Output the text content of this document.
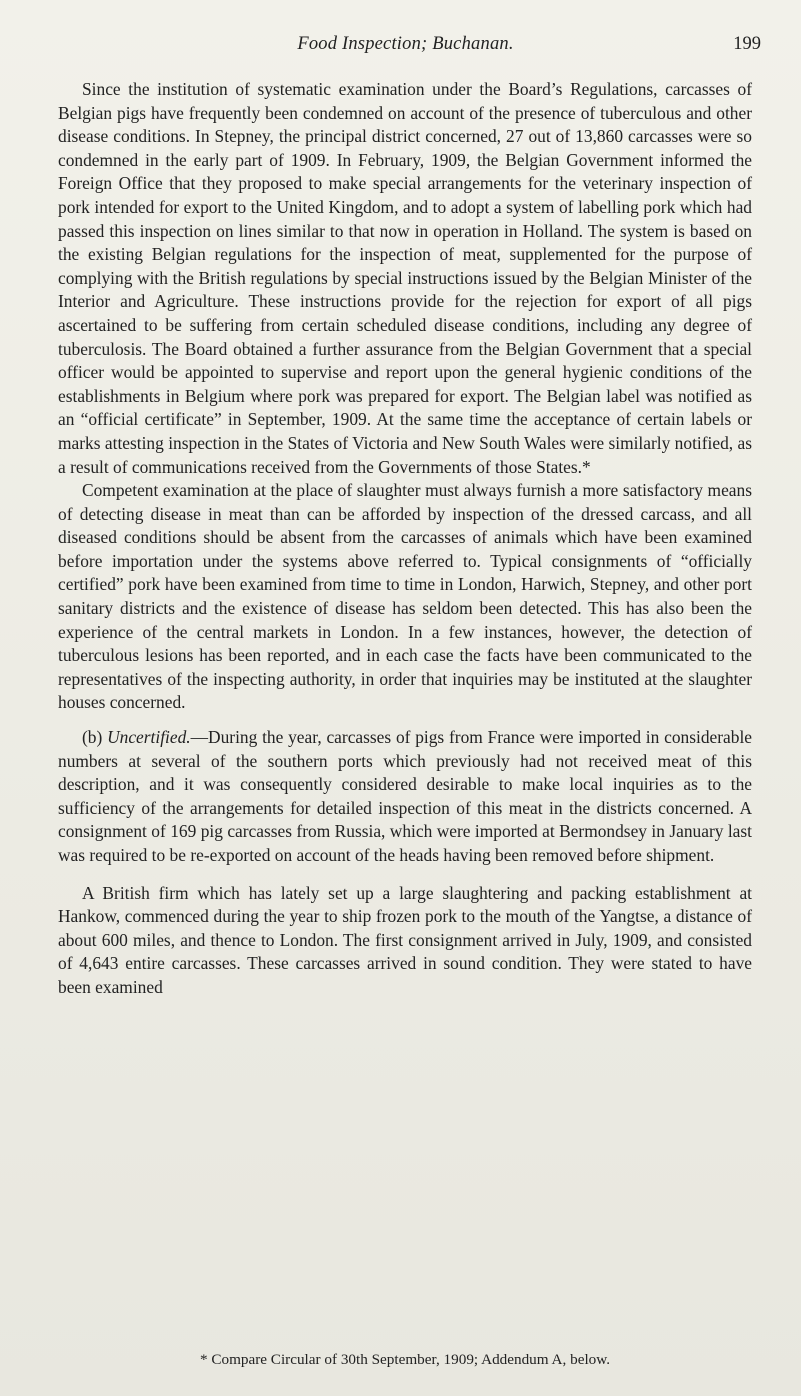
Food Inspection; Buchanan.	199

Since the institution of systematic examination under the Board’s Regulations, carcasses of Belgian pigs have frequently been condemned on account of the presence of tuberculous and other disease conditions. In Stepney, the principal district concerned, 27 out of 13,860 carcasses were so condemned in the early part of 1909. In February, 1909, the Belgian Government informed the Foreign Office that they proposed to make special arrangements for the veterinary inspection of pork intended for export to the United Kingdom, and to adopt a system of labelling pork which had passed this inspection on lines similar to that now in operation in Holland. The system is based on the existing Belgian regulations for the inspection of meat, supplemented for the purpose of complying with the British regulations by special instructions issued by the Belgian Minister of the Interior and Agriculture. These instructions provide for the rejection for export of all pigs ascertained to be suffering from certain scheduled disease conditions, including any degree of tuberculosis. The Board obtained a further assurance from the Belgian Government that a special officer would be appointed to supervise and report upon the general hygienic conditions of the establishments in Belgium where pork was prepared for export. The Belgian label was notified as an “official certificate” in September, 1909. At the same time the acceptance of certain labels or marks attesting inspection in the States of Victoria and New South Wales were similarly notified, as a result of communications received from the Governments of those States.*

Competent examination at the place of slaughter must always furnish a more satisfactory means of detecting disease in meat than can be afforded by inspection of the dressed carcass, and all diseased conditions should be absent from the carcasses of animals which have been examined before importation under the systems above referred to. Typical consignments of “officially certified” pork have been examined from time to time in London, Harwich, Stepney, and other port sanitary districts and the existence of disease has seldom been detected. This has also been the experience of the central markets in London. In a few instances, however, the detection of tuberculous lesions has been reported, and in each case the facts have been communicated to the representatives of the inspecting authority, in order that inquiries may be instituted at the slaughter houses concerned.

(b) Uncertified.—During the year, carcasses of pigs from France were imported in considerable numbers at several of the southern ports which previously had not received meat of this description, and it was consequently considered desirable to make local inquiries as to the sufficiency of the arrangements for detailed inspection of this meat in the districts concerned. A consignment of 169 pig carcasses from Russia, which were imported at Bermondsey in January last was required to be re-exported on account of the heads having been removed before shipment.

A British firm which has lately set up a large slaughtering and packing establishment at Hankow, commenced during the year to ship frozen pork to the mouth of the Yangtse, a distance of about 600 miles, and thence to London. The first consignment arrived in July, 1909, and consisted of 4,643 entire carcasses. These carcasses arrived in sound condition. They were stated to have been examined

* Compare Circular of 30th September, 1909; Addendum A, below.
